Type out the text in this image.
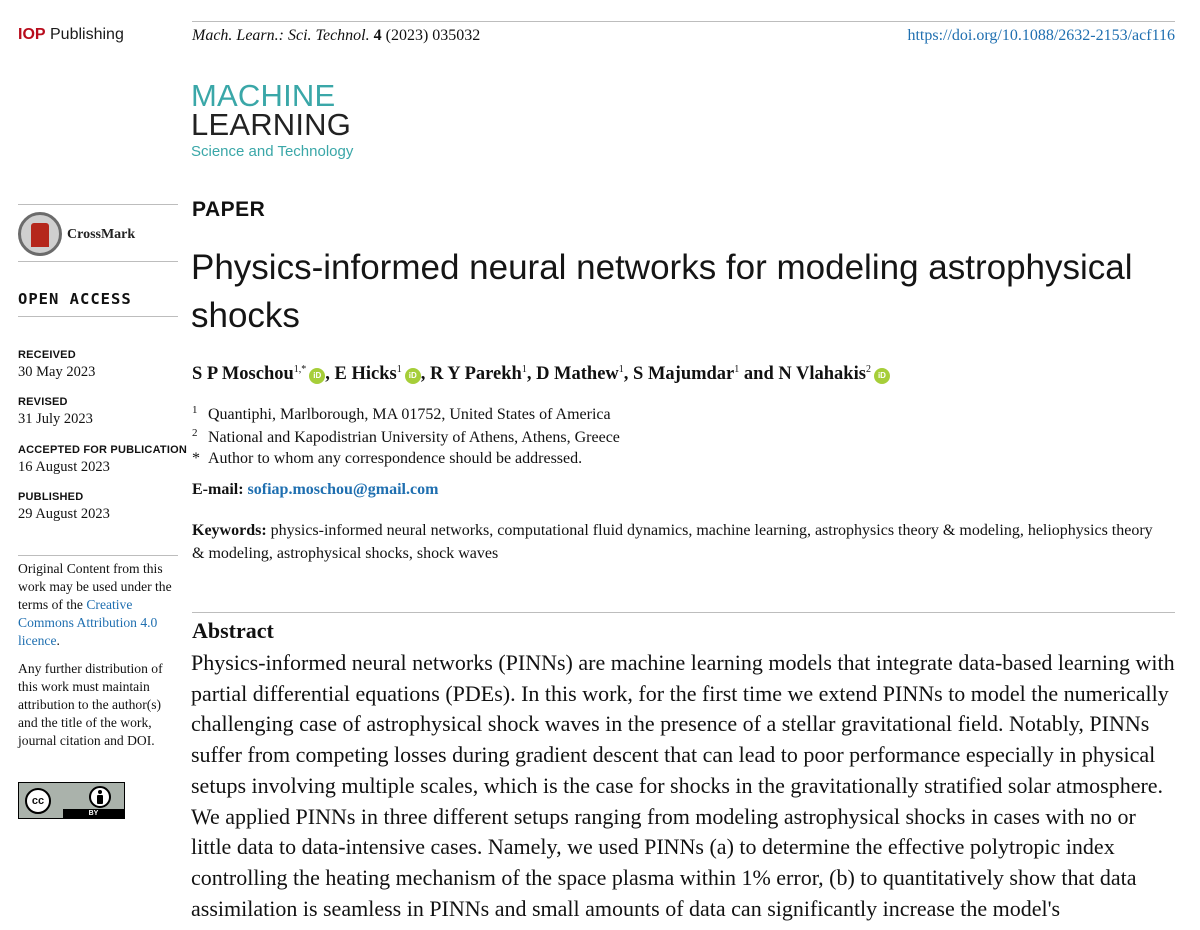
IOP Publishing	Mach. Learn.: Sci. Technol. 4 (2023) 035032	https://doi.org/10.1088/2632-2153/acf116
MACHINE
LEARNING
Science and Technology
CrossMark
OPEN ACCESS
RECEIVED
30 May 2023
REVISED
31 July 2023
ACCEPTED FOR PUBLICATION
16 August 2023
PUBLISHED
29 August 2023
Original Content from this work may be used under the terms of the Creative Commons Attribution 4.0 licence.
Any further distribution of this work must maintain attribution to the author(s) and the title of the work, journal citation and DOI.
cc
BY
PAPER
Physics-informed neural networks for modeling astrophysical shocks
S P Moschou$^{1,*}$iD , E Hicks$^1$iD , R Y Parekh$^1$, D Mathew$^1$, S Majumdar$^1$ and N Vlahakis$^2$iD
1 Quantiphi, Marlborough, MA 01752, United States of America
2 National and Kapodistrian University of Athens, Athens, Greece
* Author to whom any correspondence should be addressed.
E-mail: sofiap.moschou@gmail.com
Keywords: physics-informed neural networks, computational fluid dynamics, machine learning, astrophysics theory & modeling, heliophysics theory & modeling, astrophysical shocks, shock waves
Abstract
Physics-informed neural networks (PINNs) are machine learning models that integrate data-based learning with partial differential equations (PDEs). In this work, for the first time we extend PINNs to model the numerically challenging case of astrophysical shock waves in the presence of a stellar gravitational field. Notably, PINNs suffer from competing losses during gradient descent that can lead to poor performance especially in physical setups involving multiple scales, which is the case for shocks in the gravitationally stratified solar atmosphere. We applied PINNs in three different setups ranging from modeling astrophysical shocks in cases with no or little data to data-intensive cases. Namely, we used PINNs (a) to determine the effective polytropic index controlling the heating mechanism of the space plasma within 1% error, (b) to quantitatively show that data assimilation is seamless in PINNs and small amounts of data can significantly increase the model's
